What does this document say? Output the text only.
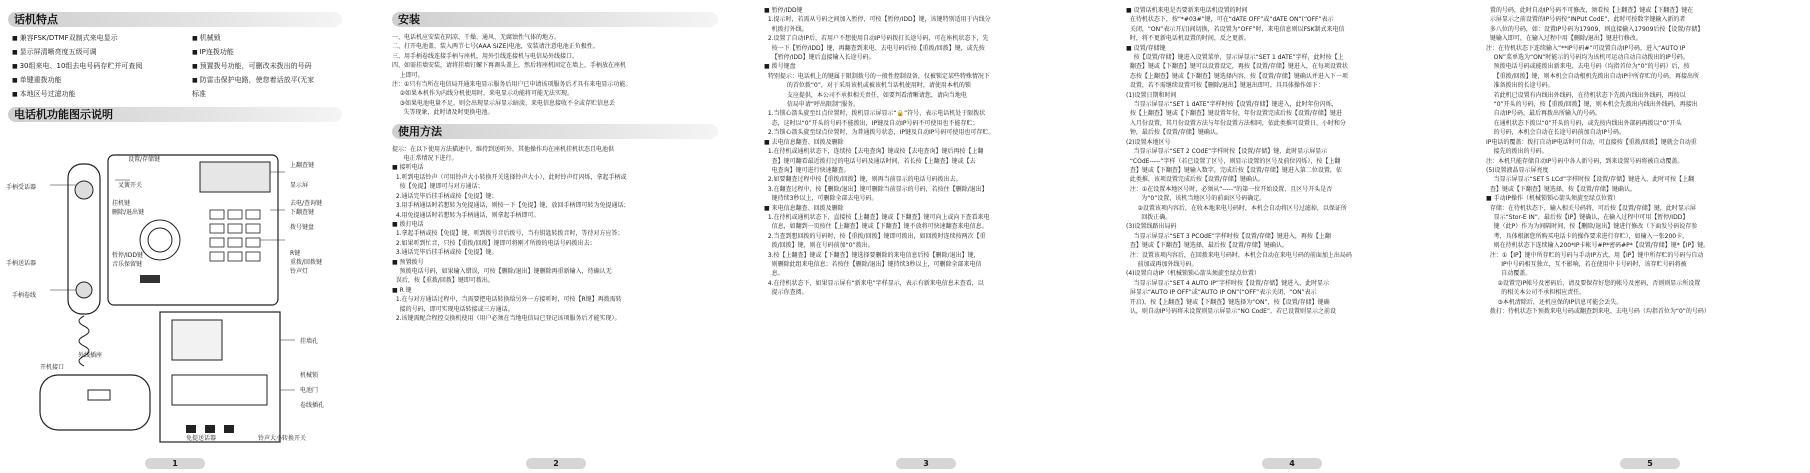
话机特点
■ 兼容FSK/DTMF双制式来电显示	■ 机械锁
■ 显示屏清晰亮度五级可调	■ IP连拨功能
■ 30组来电、10组去电号码存贮并可查阅	■ 预置拨号功能，可删改未拨出的号码
■ 单键重拨功能	■ 防雷击保护电路，使您着话放平(无家
■ 本地区号过滤功能	标准
电话机功能图示说明
设置/存储键
上翻查键
手柄受话器	叉簧开关	显示屏
挂机键
删除/退出键
去电/查询键
下翻查键
拨号键盘
手柄送话器
暂停/IDD键
音乐保留键
R键
重拨/回拨键
铃声灯
手柄卷线
外线插座
开机接口
挂墙孔
机械锁
电池门
卷线插孔
铃声大小转换开关
免提送话器
1
安装

一、电话机应安装在阴凉、干燥、通风、无腐蚀性气体的地方。
二、打开电池盖，装入两节七号(AAA SIZE)电池，安装请注意电池正负极性。
三、用手柄卷线连接手柄与座机，用外引线连接机与电信局外线接口。
四、如需挂墙安装，请将挂墙钉螺下再调头盖上，然后将座机固定在墙上，手柄放在座机
上即可。
注：①只有当所在电信局开通来电显示服务后用户已申请该项服务后才具有来电显示功能。
②如果本机作为内线分机使用时，来电显示功能将可能无法实现。
③如果电池电量不足，则会出现显示屏显示暗淡、来电信息接收不全或存贮信息丢
失等现象，此时请及时更换电池。

使用方法

提示：在以下使用方法描述中，维持到送听外，其他操作均在座机挂机状态且电池供
电正常情况下进行。
■ 接听电话
1.听到电话铃声（可用铃声大小转换开关选择铃声大小），此时铃声灯闪烁，拿起手柄或
按【免提】键即可与对方通话；
2.通话完毕后挂手柄或按【免提】键；
3.用手柄通话时若想转为免提通话，则按一下【免提】键，放回手柄即可转为免提通话；
4.用免提通话时若想转为手柄通话，则拿起手柄即可。
■ 拨打电话
1.拿起手柄或按【免提】键，听到拨号音后拨号，当有钥匙转拨音时，等待对方应答；
2.如果听到忙音，只按【重拨/回拨】键即可将刚才所拨的电话号码拨出去；
3.通话完毕后挂手柄或按【免提】键。
■ 预置拨号
预拨电话号码，如果输入错误，可按【删除/退出】键删除再重新输入，待确认无
误后，按【重拨/回拨】键即可拨出。
■ R 键
1.在与对方通话过程中，当需要把电话转换给另外一方接听时，可按【R键】再拨需转
接的号码，即可实现电话转接或三方通话。
2.该键需配合程控交换机使用（用户必须在当地电信局已登记该项服务后才能实现）。

2

■ 暂停/IDD键
1.提示时，若需从号码之间加入暂停，可按【暂停/IDD】键，该键特别适用于内线分
机拨打外线。
2.设置了自动IP后，若用户不想使用自动IP号码拨打长途号码，可在座机状态下，先
按一下【暂停/IDD】键，再翻查到来电、去电号码后按【重拨/回拨】键，或先按
【暂停/IDD】键后直接输入长途号码。
■ 拨号键盘
特别提示：电话机上的键属于限制拨号的一般性控制设备，仅被锁定某些特殊情况下
的首位拨“0”，对于采用该机或被该机当话机使用时，请使用本机的锁
支应提供，本公司不承担相关责任，如要判看清晰请您，请向当地电
信局申请“呼出限制”服务。
1.当锁心箭头旋至红点位置时，拨机显示屏显示“🔒”符号，表示电话机处于限拨状
态，这时以“0”开头的号码不能拨出，IP键及自动IP号码不可使用也不能存贮；
2.当锁心箭头旋至绿点位置时，为普通拨号状态，IP键及自动IP号码可使用也可存贮。
■ 去电信息翻查、回拨及删除
1.在待机或通机状态下，连续按【去电查询】键或按【去电查询】键后再按【上翻
查】键可翻看最近拨打过的电话号码及通话时间，若长按【上翻查】键或【去
电查询】键可进行快速翻查。
2.如要翻查过程中按【重拨/回拨】键，则再当前显示的电话号码拨出去。
3.在翻查过程中，按【删除/退出】键可删除当前显示的号码，若按住【删除/退出】
键持续3秒以上，可删除全部去电号码。
■ 来电信息翻查、回拨及删除
1.在待机或通机状态下，直接按【上翻查】键或【下翻查】键可向上或向下查看来电
信息，如翻到一页按住【上翻查】键或【下翻查】键不放将可快速翻查来电信息。
2.当查到想回拨的号码时，按【重拨/回拨】键即可拨出，如回拨时连续按两次【重
拨/回拨】键，则在号码前加“0”拨出。
3.按【上翻查】键或【下翻查】键选择要删除的来电信息后按【删除/退出】键，
则删除此组来电信息；若按住【删除/退出】键持续3秒以上，可删除全部来电信
息。
4.在待机状态下，如果显示屏有“新来电”字样显示，表示有新来电信息未查看，以
提示你查阅。

3

■ 设置话机来电是否要新来电话机设置的时间
在待机状态下，按“*#03#”键，可在“dATE OFF”或“dATE ON”(“OFF”表示
关闭，“ON”表示开启)间切换，若设置为“OFF”时，来电信息则以FSK制式来电信
时，将不更新电话机设置的时间，反之更新。
■ 设置/存储键
按【设置/存储】键进入设置菜单，显示屏显示“SET 1 dATE”字样，此时按【上
翻查】键或【下翻查】键可以设置设定，再按【设置/存储】键进入，在每项设置状
态按【上翻查】键或【下翻查】键选择内容，按【设置/存储】键确认并进入下一项
设置，若不需继续设置可按【删除/退出】键退出即可，具具体操作如下：
(1)设置日期和时间
当显示屏显示“SET 1 dATE”字样时按【设置/存储】键进入，此时年份闪烁，
按【上翻查】键或【下翻查】键设置年份，年份设置完成后按【设置/存储】键进
入月份设置，其月份设置方法与年份设置方法相同，依此类推可设置日、小时和分
钟，最后按【设置/存储】键确认。
(2)设置本地区号
当显示屏显示“SET 2 COdE”字样时按【设置/存储】键，此时显示屏显示
“COdE-----”字样（若已设置了区号，则显示设置的区号及前位闪烁），按【上翻
查】键或【下翻查】键输入数字，完成后按【设置/存储】键进入第二位设置，依
此类推，该项设置完成后按【设置/存储】键确认。
注：①在设置本地区号时，必须从“-----”的第一位开始设置，且区号开头是否
为“0”设置，该机当地区号的前面区号码确定。
②设置该项内容后，在收本地来电号码时，本机会自动将区号过滤掉，以保证所
回拨正确。
(3)设置线路出局码
当显示屏显示“SET 3 PCOdE”字样时按【设置/存储】键进入，再按【上翻
查】键或【下翻查】键选择，最后按【设置/存储】键确认。
注：设置该项内容后，在回拨来电号码时，本机会自动在来电号码的前面加上出局码
前加或再加外线号码。
(4)设置自动IP（机械锁锁心箭头须旋至绿点位置）
当显示屏显示“SET 4 AUTO IP”字样时按【设置/存储】键进入，此时显示
屏显示“AUTO IP OFF”或“AUTO IP ON”(“OFF”表示关闭，“ON”表示
开启)，按【上翻查】键或【下翻查】键选择为“ON”，按【设置/存储】键确
认，则自动IP号码将未设置则显示屏显示“NO CodE”，若已设置则显示之前设

4

置的号码，此时自动IP号码不可修改，须看按【上翻查】键或【下翻查】键在
示屏显示之前设置的IP号码按“INPUt CodE”，此时可按数字键输入新的者
多八位的号码，如：设置IP号码为17909，则直接输入17909后按【设置/存储】
键输入即可，在输入过程中用【删除/退出】键进行修改。
注：在待机状态下连续输入“**IP号码#”可设置自动IP号码，进入“AUTO IP
ON”菜单选为“ON”时能示的号码均为该机可运动自动自动拨出的IP号码。
预拨电话号码或能拨出新来电、去电号码（均指首位为“0”的号码）后，按
【重拨/回拨】键，则本机会自动根机先拨出自动IP中所存贮的号码，再接出所
准备拨出的长途号码。
若此机已设置有内线出外线码，在待机状态下先拨内线出外线码，再按以
“0”开头的号码，按【重拨/回拨】键，则本机会先拨出内线出外线码，再接出
自动IP号码，最后再拨出所输入的号码。
在通机状态下拨以“0”开头的号码，或先按内线出外部码再拨以“0”开头
的号码，本机会自动在长途号码前加自动IP号码。
IP电话的覆盖：拨打自动IP电话时可自动，可直接按【重拨/回拨】键就会自动重
接先的拨出的号码。
注：本机只能存储自动IP号码中各人新号码，到来设置号码将被自动覆盖。
(5)设置液晶显示屏亮度
当显示屏显示“SET 5 LCd”字样时按【设置/存储】键进入，此时可按【上翻
查】键或【下翻查】键选择，按【设置/存储】键确认。
■ 手动IP操作（机械锁锁心箭头须旋至绿点位置）
存储：在待机状态下，输入相关号码将，可后按【设置/存储】键，此时显示屏
显示“Stor-E IN”，最后按【IP】键确认，在输入过程中可用【暂停/IDD】
键（此P）作为为间隔时间，按【删除/退出】键进行修改（下面发号码说存参
考，具体根据您所购买电话卡的操作要求进行存贮），如输入一张200卡，
则在待机状态下连续输入200*IP卡帐号#P*密码#P*【设置/存储】键*【IP】键。
注：①【IP】键中所存贮的号码与手动IP方式，用【IP】键中所存贮的号码与自动
IP中号码相互独立，互不影响，若在使用中卡号码时，该存贮号码将被
自动覆盖。
②设置完IP帐号及密码后，请及要保存好您的帐号及密码，否则则显示所设置
的相关本公司不承担相应责任。
③本机清除后，还机应保的IP信息可能会丢失。
拨打：待机状态下预拨来电号码或翻查到来电、去电号码（均指首位为“0”的号码）

5
